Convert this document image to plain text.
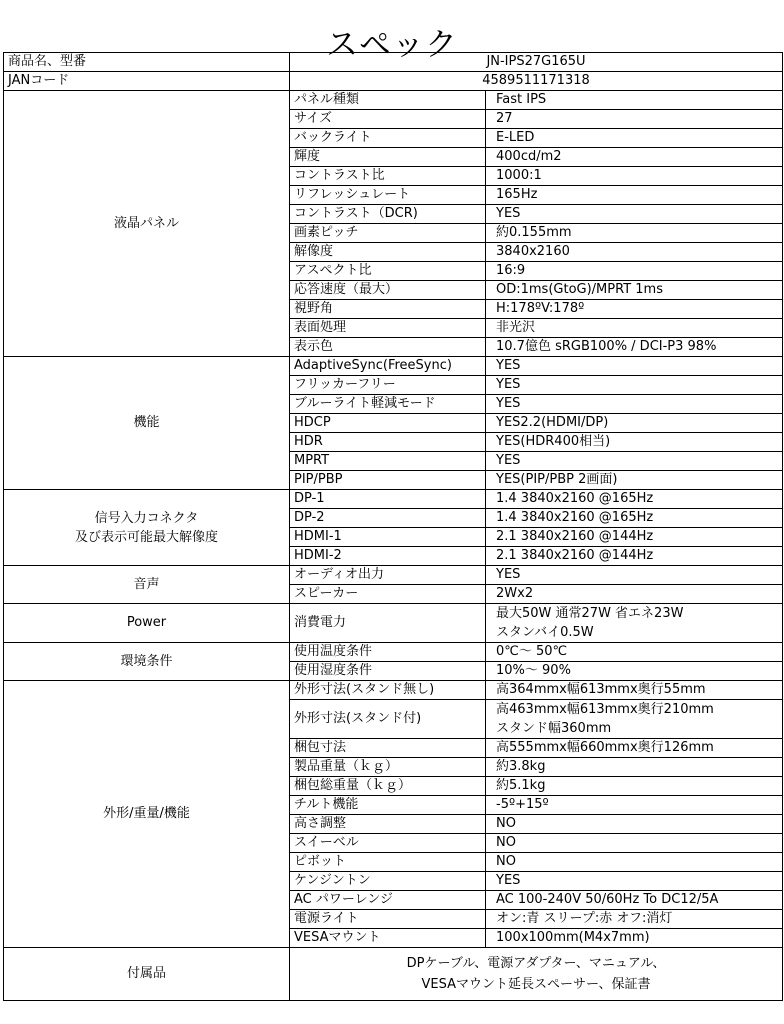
スペック
商品名、型番	JN-IPS27G165U	
JANコード	4589511171318	

液晶パネル	パネル種類	Fast IPS

	サイズ	27

	バックライト	E-LED

	輝度	400cd/m2

	コントラスト比	1000:1

	リフレッシュレート	165Hz

	コントラスト（DCR)	YES

	画素ピッチ	約0.155mm

	解像度	3840x2160

	アスペクト比	16:9

	応答速度（最大）	OD:1ms(GtoG)/MPRT 1ms

	視野角	H:178ºV:178º

	表面処理	非光沢

	表示色	10.7億色 sRGB100% / DCI-P3 98%

機能	AdaptiveSync(FreeSync)	YES

	フリッカーフリー	YES

	ブルーライト軽減モード	YES

	HDCP	YES2.2(HDMI/DP)

	HDR	YES(HDR400相当)

	MPRT	YES

	PIP/PBP	YES(PIP/PBP 2画面)

信号入力コネクタ
及び表示可能最大解像度	DP-1	1.4 3840x2160 @165Hz

	DP-2	1.4 3840x2160 @165Hz

	HDMI-1	2.1 3840x2160 @144Hz

	HDMI-2	2.1 3840x2160 @144Hz

音声	オーディオ出力	YES

	スピーカー	2Wx2

Power	消費電力	最大50W 通常27W 省エネ23W
スタンバイ0.5W

環境条件	使用温度条件	0℃～ 50℃

	使用湿度条件	10%～ 90%

外形/重量/機能	外形寸法(スタンド無し)	高364mmx幅613mmx奥行55mm

	外形寸法(スタンド付)	高463mmx幅613mmx奥行210mm
スタンド幅360mm

	梱包寸法	高555mmx幅660mmx奥行126mm

	製品重量（ｋｇ）	約3.8kg

	梱包総重量（ｋｇ）	約5.1kg

	チルト機能	-5º+15º

	高さ調整	NO

	スイーベル	NO

	ピボット	NO

	ケンジントン	YES

	AC パワーレンジ	AC 100-240V 50/60Hz To DC12/5A

	電源ライト	オン:青 スリープ:赤 オフ:消灯

	VESAマウント	100x100mm(M4x7mm)

付属品	DPケーブル、電源アダプター、マニュアル、
VESAマウント延長スペーサー、保証書	
